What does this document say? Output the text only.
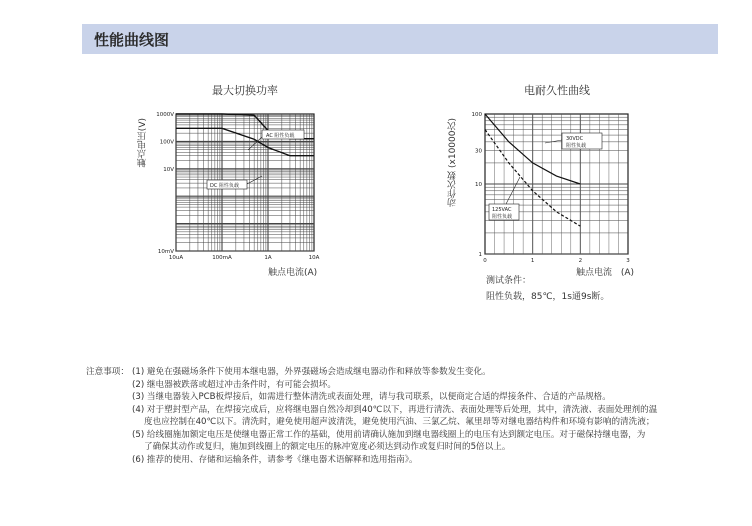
性能曲线图
最大切换功率
触点电压(V)	AC 阻性负载
DC 阻性负载
1000V
100V
10V
10mV
10uA	100mA	1A	10A
触点电流(A)
电耐久性曲线
动作次数 (x10000次)	30VDC
阻性负载
125VAC
阻性负载
100
30
10
1
0	1	2	3
触点电流 (A)
测试条件：
阻性负载，85℃，1s通9s断。
注意事项： (1) 避免在强磁场条件下使用本继电器，外界强磁场会造成继电器动作和释放等参数发生变化。
(2) 继电器被跌落或超过冲击条件时，有可能会损坏。
(3) 当继电器装入PCB板焊接后，如需进行整体清洗或表面处理，请与我司联系，以便商定合适的焊接条件、合适的产品规格。
(4) 对于塑封型产品，在焊接完成后，应将继电器自然冷却到40℃以下，再进行清洗、表面处理等后处理，其中，清洗液、表面处理剂的温
度也应控制在40℃以下。清洗时，避免使用超声波清洗，避免使用汽油、三氯乙烷、氟里昂等对继电器结构件和环境有影响的清洗液；
(5) 给线圈施加额定电压是使继电器正常工作的基础，使用前请确认施加到继电器线圈上的电压有达到额定电压。对于磁保持继电器，为
了确保其动作或复归，施加到线圈上的额定电压的脉冲宽度必须达到动作或复归时间的5倍以上。
(6) 推荐的使用、存储和运输条件，请参考《继电器术语解释和选用指南》。
